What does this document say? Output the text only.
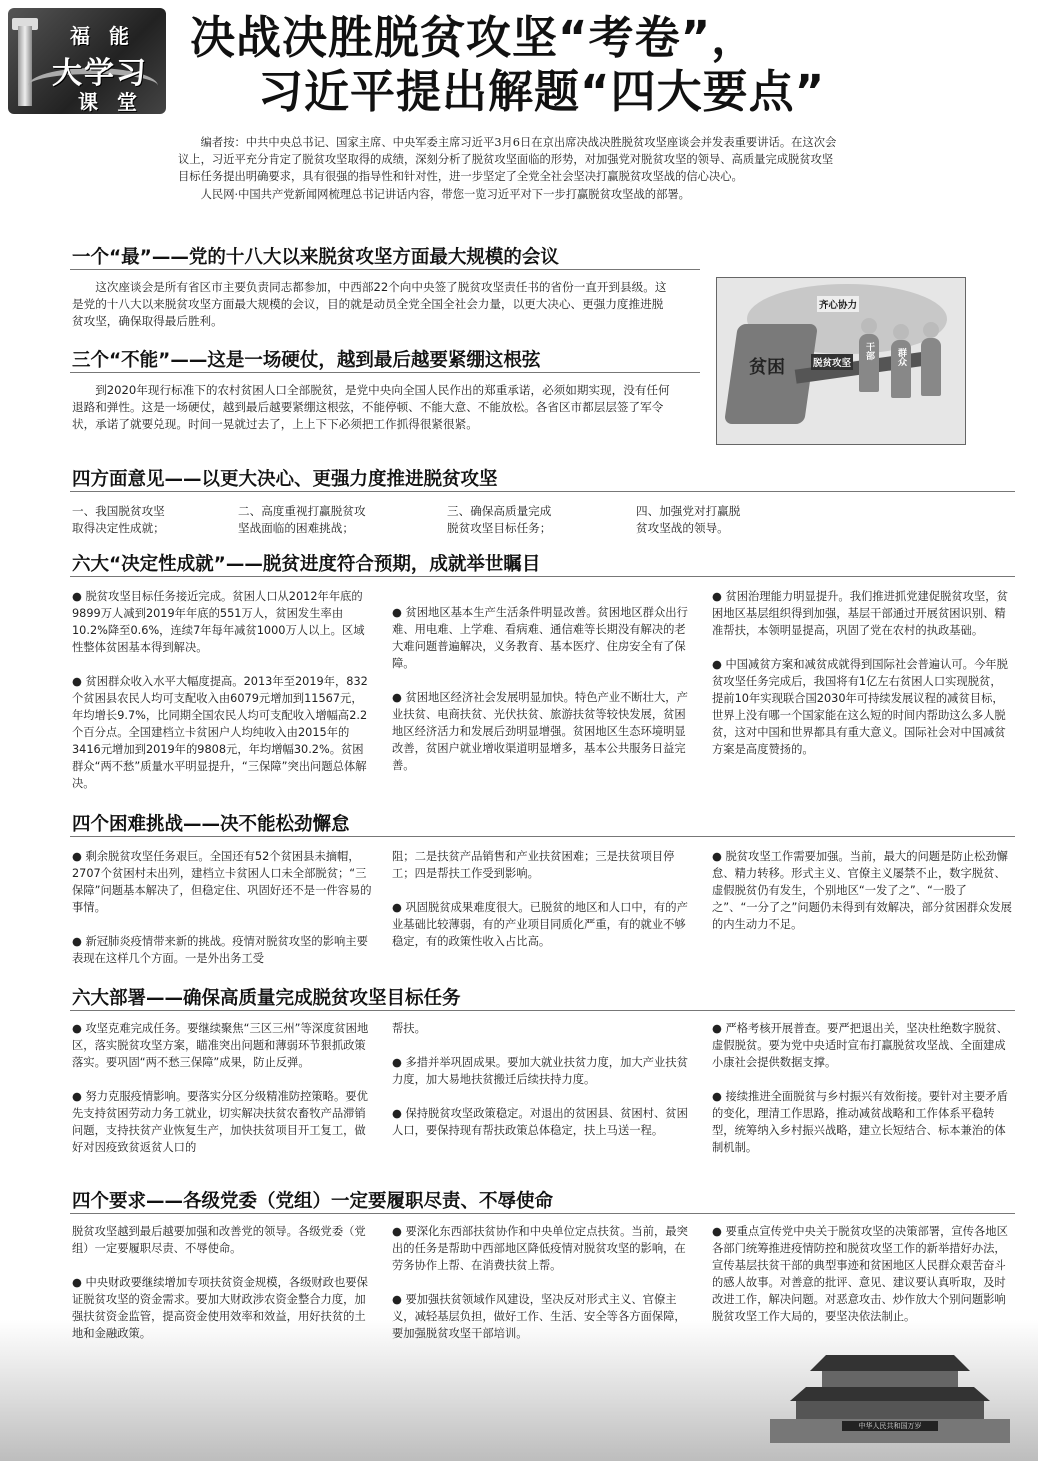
福 能
大学习
课 堂
决战决胜脱贫攻坚“考卷”，
习近平提出解题“四大要点”

编者按：中共中央总书记、国家主席、中央军委主席习近平3月6日在京出席决战决胜脱贫攻坚座谈会并发表重要讲话。在这次会议上，习近平充分肯定了脱贫攻坚取得的成绩，深刻分析了脱贫攻坚面临的形势，对加强党对脱贫攻坚的领导、高质量完成脱贫攻坚目标任务提出明确要求，具有很强的指导性和针对性，进一步坚定了全党全社会坚决打赢脱贫攻坚战的信心决心。

人民网·中国共产党新闻网梳理总书记讲话内容，带您一览习近平对下一步打赢脱贫攻坚战的部署。

一个“最”——党的十八大以来脱贫攻坚方面最大规模的会议

这次座谈会是所有省区市主要负责同志都参加，中西部22个向中央签了脱贫攻坚责任书的省份一直开到县级。这是党的十八大以来脱贫攻坚方面最大规模的会议，目的就是动员全党全国全社会力量，以更大决心、更强力度推进脱贫攻坚，确保取得最后胜利。

齐心协力
贫困	脱贫攻坚
干部 群众
三个“不能”——这是一场硬仗，越到最后越要紧绷这根弦

到2020年现行标准下的农村贫困人口全部脱贫，是党中央向全国人民作出的郑重承诺，必须如期实现，没有任何退路和弹性。这是一场硬仗，越到最后越要紧绷这根弦，不能停顿、不能大意、不能放松。各省区市都层层签了军令状，承诺了就要兑现。时间一晃就过去了，上上下下必须把工作抓得很紧很紧。

四方面意见——以更大决心、更强力度推进脱贫攻坚
一、我国脱贫攻坚
取得决定性成就；
二、高度重视打赢脱贫攻
坚战面临的困难挑战；
三、确保高质量完成
脱贫攻坚目标任务；
四、加强党对打赢脱
贫攻坚战的领导。
六大“决定性成就”——脱贫进度符合预期，成就举世瞩目

● 脱贫攻坚目标任务接近完成。贫困人口从2012年年底的9899万人减到2019年年底的551万人，贫困发生率由10.2%降至0.6%，连续7年每年减贫1000万人以上。区域性整体贫困基本得到解决。

● 贫困群众收入水平大幅度提高。2013年至2019年，832个贫困县农民人均可支配收入由6079元增加到11567元，年均增长9.7%，比同期全国农民人均可支配收入增幅高2.2个百分点。全国建档立卡贫困户人均纯收入由2015年的3416元增加到2019年的9808元，年均增幅30.2%。贫困群众“两不愁”质量水平明显提升，“三保障”突出问题总体解决。

● 贫困地区基本生产生活条件明显改善。贫困地区群众出行难、用电难、上学难、看病难、通信难等长期没有解决的老大难问题普遍解决，义务教育、基本医疗、住房安全有了保障。

● 贫困地区经济社会发展明显加快。特色产业不断壮大，产业扶贫、电商扶贫、光伏扶贫、旅游扶贫等较快发展，贫困地区经济活力和发展后劲明显增强。贫困地区生态环境明显改善，贫困户就业增收渠道明显增多，基本公共服务日益完善。

● 贫困治理能力明显提升。我们推进抓党建促脱贫攻坚，贫困地区基层组织得到加强，基层干部通过开展贫困识别、精准帮扶，本领明显提高，巩固了党在农村的执政基础。

● 中国减贫方案和减贫成就得到国际社会普遍认可。今年脱贫攻坚任务完成后，我国将有1亿左右贫困人口实现脱贫，提前10年实现联合国2030年可持续发展议程的减贫目标，世界上没有哪一个国家能在这么短的时间内帮助这么多人脱贫，这对中国和世界都具有重大意义。国际社会对中国减贫方案是高度赞扬的。

四个困难挑战——决不能松劲懈怠

● 剩余脱贫攻坚任务艰巨。全国还有52个贫困县未摘帽，2707个贫困村未出列，建档立卡贫困人口未全部脱贫；“三保障”问题基本解决了，但稳定住、巩固好还不是一件容易的事情。

● 新冠肺炎疫情带来新的挑战。疫情对脱贫攻坚的影响主要表现在这样几个方面。一是外出务工受

阻；二是扶贫产品销售和产业扶贫困难；三是扶贫项目停工；四是帮扶工作受到影响。

● 巩固脱贫成果难度很大。已脱贫的地区和人口中，有的产业基础比较薄弱，有的产业项目同质化严重，有的就业不够稳定，有的政策性收入占比高。

● 脱贫攻坚工作需要加强。当前，最大的问题是防止松劲懈怠、精力转移。形式主义、官僚主义屡禁不止，数字脱贫、虚假脱贫仍有发生，个别地区“一发了之”、“一股了之”、“一分了之”问题仍未得到有效解决，部分贫困群众发展的内生动力不足。

六大部署——确保高质量完成脱贫攻坚目标任务

● 攻坚克难完成任务。要继续聚焦“三区三州”等深度贫困地区，落实脱贫攻坚方案，瞄准突出问题和薄弱环节狠抓政策落实。要巩固“两不愁三保障”成果，防止反弹。

● 努力克服疫情影响。要落实分区分级精准防控策略。要优先支持贫困劳动力务工就业，切实解决扶贫农畜牧产品滞销问题，支持扶贫产业恢复生产，加快扶贫项目开工复工，做好对因疫致贫返贫人口的

帮扶。

● 多措并举巩固成果。要加大就业扶贫力度，加大产业扶贫力度，加大易地扶贫搬迁后续扶持力度。

● 保持脱贫攻坚政策稳定。对退出的贫困县、贫困村、贫困人口，要保持现有帮扶政策总体稳定，扶上马送一程。

● 严格考核开展普查。要严把退出关，坚决杜绝数字脱贫、虚假脱贫。要为党中央适时宣布打赢脱贫攻坚战、全面建成小康社会提供数据支撑。

● 接续推进全面脱贫与乡村振兴有效衔接。要针对主要矛盾的变化，理清工作思路，推动减贫战略和工作体系平稳转型，统筹纳入乡村振兴战略，建立长短结合、标本兼治的体制机制。

中华人民共和国万岁
四个要求——各级党委（党组）一定要履职尽责、不辱使命

脱贫攻坚越到最后越要加强和改善党的领导。各级党委（党组）一定要履职尽责、不辱使命。

● 中央财政要继续增加专项扶贫资金规模，各级财政也要保证脱贫攻坚的资金需求。要加大财政涉农资金整合力度，加强扶贫资金监管，提高资金使用效率和效益，用好扶贫的土地和金融政策。

● 要深化东西部扶贫协作和中央单位定点扶贫。当前，最突出的任务是帮助中西部地区降低疫情对脱贫攻坚的影响，在劳务协作上帮、在消费扶贫上帮。

● 要加强扶贫领域作风建设，坚决反对形式主义、官僚主义，减轻基层负担，做好工作、生活、安全等各方面保障，要加强脱贫攻坚干部培训。

● 要重点宣传党中央关于脱贫攻坚的决策部署，宣传各地区各部门统筹推进疫情防控和脱贫攻坚工作的新举措好办法，宣传基层扶贫干部的典型事迹和贫困地区人民群众艰苦奋斗的感人故事。对善意的批评、意见、建议要认真听取，及时改进工作，解决问题。对恶意攻击、炒作放大个别问题影响脱贫攻坚工作大局的，要坚决依法制止。
